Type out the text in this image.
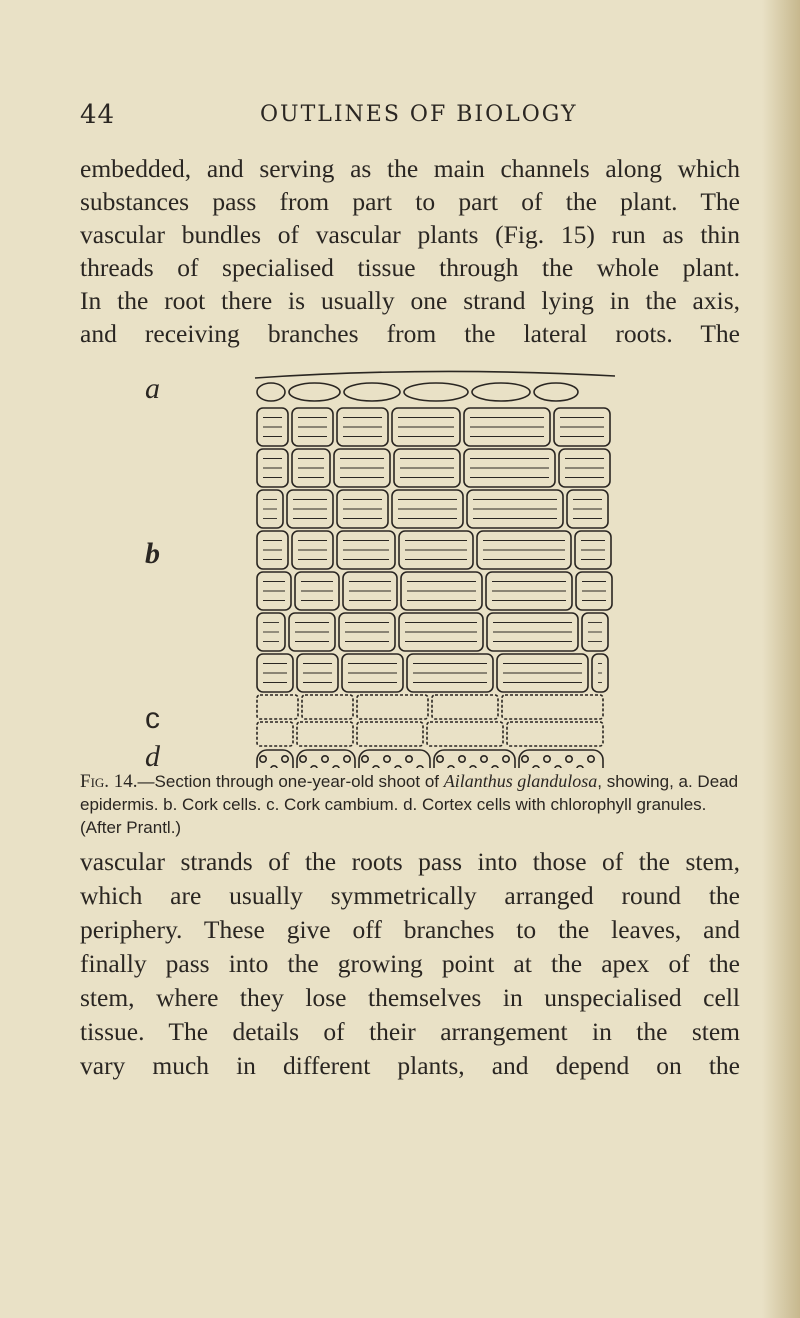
44	OUTLINES OF BIOLOGY
embedded, and serving as the main channels along which
substances pass from part to part of the plant. The
vascular bundles of vascular plants (Fig. 15) run as thin
threads of specialised tissue through the whole plant.
In the root there is usually one strand lying in the axis,
and receiving branches from the lateral roots. The
a
b
c
d

Fig. 14.—Section through one-year-old shoot of Ailanthus glandulosa, showing, a. Dead epidermis. b. Cork cells. c. Cork cambium. d. Cortex cells with chlorophyll granules. (After Prantl.)

vascular strands of the roots pass into those of the stem,
which are usually symmetrically arranged round the
periphery. These give off branches to the leaves, and
finally pass into the growing point at the apex of the
stem, where they lose themselves in unspecialised cell
tissue. The details of their arrangement in the stem
vary much in different plants, and depend on the
